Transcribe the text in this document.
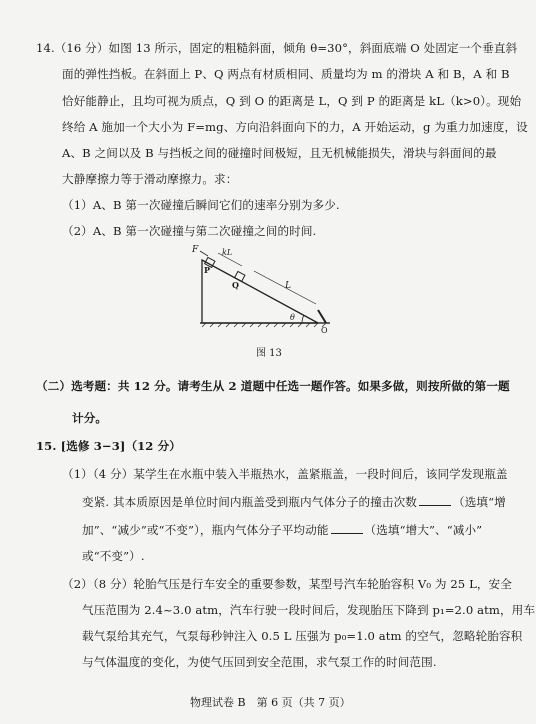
14.（16 分）如图 13 所示，固定的粗糙斜面，倾角 θ=30°，斜面底端 O 处固定一个垂直斜
面的弹性挡板。在斜面上 P、Q 两点有材质相同、质量均为 m 的滑块 A 和 B，A 和 B
恰好能静止，且均可视为质点，Q 到 O 的距离是 L，Q 到 P 的距离是 kL（k>0）。现始
终给 A 施加一个大小为 F=mg、方向沿斜面向下的力，A 开始运动，g 为重力加速度，设
A、B 之间以及 B 与挡板之间的碰撞时间极短，且无机械能损失，滑块与斜面间的最
大静摩擦力等于滑动摩擦力。求：
（1）A、B 第一次碰撞后瞬间它们的速率分别为多少.
（2）A、B 第一次碰撞与第二次碰撞之间的时间.
F
P
kL
Q	L
θ
O
图 13
（二）选考题：共 12 分。请考生从 2 道题中任选一题作答。如果多做，则按所做的第一题
计分。
15. [选修 3−3]（12 分）
（1）（4 分）某学生在水瓶中装入半瓶热水，盖紧瓶盖，一段时间后，该同学发现瓶盖
变紧. 其本质原因是单位时间内瓶盖受到瓶内气体分子的撞击次数	（选填“增
加”、“减少”或“不变”），瓶内气体分子平均动能	（选填“增大”、“减小”
或“不变”）.
（2）（8 分）轮胎气压是行车安全的重要参数，某型号汽车轮胎容积 V₀ 为 25 L，安全
气压范围为 2.4~3.0 atm，汽车行驶一段时间后，发现胎压下降到 p₁=2.0 atm，用车
载气泵给其充气，气泵每秒钟注入 0.5 L 压强为 p₀=1.0 atm 的空气，忽略轮胎容积
与气体温度的变化，为使气压回到安全范围，求气泵工作的时间范围.
物理试卷 B　第 6 页（共 7 页）
